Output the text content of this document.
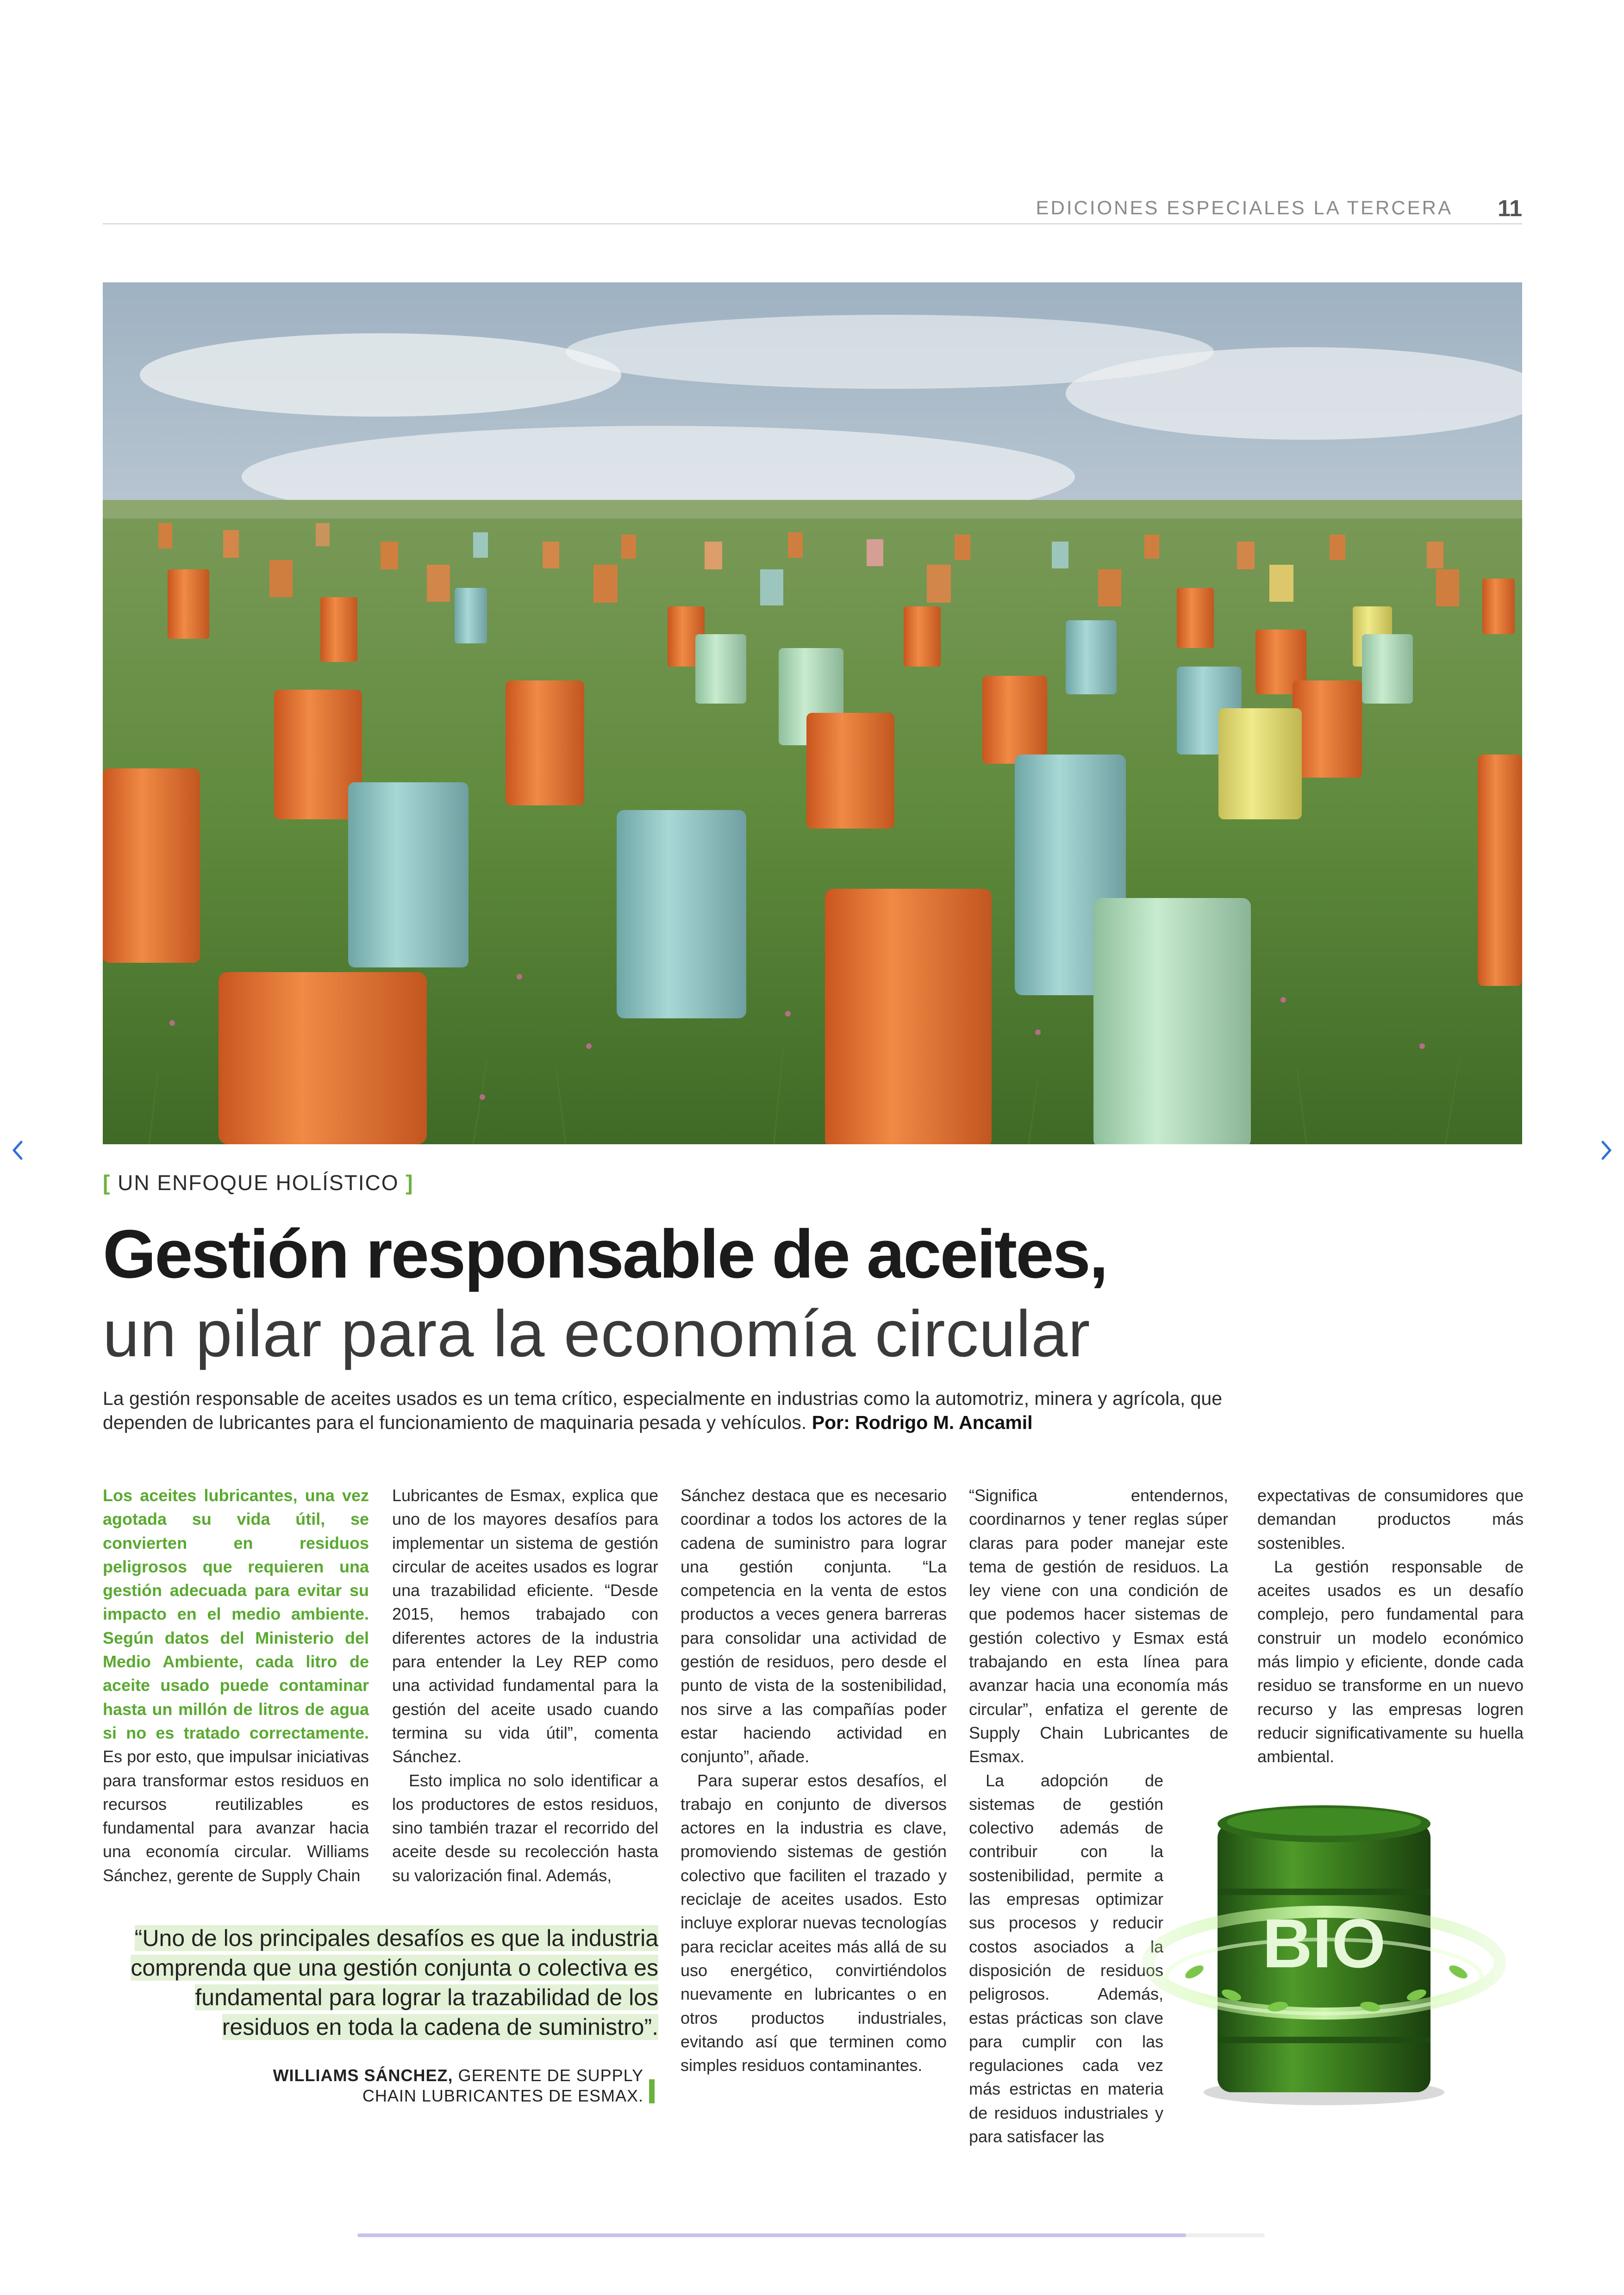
EDICIONES ESPECIALES LA TERCERA 11
[ UN ENFOQUE HOLÍSTICO ]
Gestión responsable de aceites,
un pilar para la economía circular

La gestión responsable de aceites usados es un tema crítico, especialmente en industrias como la automotriz, minera y agrícola, que dependen de lubricantes para el funcionamiento de maquinaria pesada y vehículos. Por: Rodrigo M. Ancamil

Los aceites lubricantes, una vez agotada su vida útil, se convierten en residuos peligrosos que requieren una gestión adecuada para evitar su impacto en el medio ambiente. Según datos del Ministerio del Medio Ambiente, cada litro de aceite usado puede contaminar hasta un millón de litros de agua si no es tratado correctamente. Es por esto, que impulsar iniciativas para transformar estos residuos en recursos reutilizables es fundamental para avanzar hacia una economía circular. Williams Sánchez, gerente de Supply Chain

Lubricantes de Esmax, explica que uno de los mayores desafíos para implementar un sistema de gestión circular de aceites usados es lograr una trazabilidad eficiente. “Desde 2015, hemos trabajado con diferentes actores de la industria para entender la Ley REP como una actividad fundamental para la gestión del aceite usado cuando termina su vida útil”, comenta Sánchez.

Esto implica no solo identificar a los productores de estos residuos, sino también trazar el recorrido del aceite desde su recolección hasta su valorización final. Además,

Sánchez destaca que es necesario coordinar a todos los actores de la cadena de suministro para lograr una gestión conjunta. “La competencia en la venta de estos productos a veces genera barreras para consolidar una actividad de gestión de residuos, pero desde el punto de vista de la sostenibilidad, nos sirve a las compañías poder estar haciendo actividad en conjunto”, añade.

Para superar estos desafíos, el trabajo en conjunto de diversos actores en la industria es clave, promoviendo sistemas de gestión colectivo que faciliten el trazado y reciclaje de aceites usados. Esto incluye explorar nuevas tecnologías para reciclar aceites más allá de su uso energético, convirtiéndolos nuevamente en lubricantes o en otros productos industriales, evitando así que terminen como simples residuos contaminantes.

“Significa entendernos, coordinarnos y tener reglas súper claras para poder manejar este tema de gestión de residuos. La ley viene con una condición de que podemos hacer sistemas de gestión colectivo y Esmax está trabajando en esta línea para avanzar hacia una economía más circular”, enfatiza el gerente de Supply Chain Lubricantes de Esmax.

La adopción de sistemas de gestión colectivo además de contribuir con la sostenibilidad, permite a las empresas optimizar sus procesos y reducir costos asociados a la disposición de residuos peligrosos. Además, estas prácticas son clave para cumplir con las regulaciones cada vez más estrictas en materia de residuos industriales y para satisfacer las

expectativas de consumidores que demandan productos más sostenibles.

La gestión responsable de aceites usados es un desafío complejo, pero fundamental para construir un modelo económico más limpio y eficiente, donde cada residuo se transforme en un nuevo recurso y las empresas logren reducir significativamente su huella ambiental.

“Uno de los principales desafíos es que la industria comprenda que una gestión conjunta o colectiva es fundamental para lograr la trazabilidad de los residuos en toda la cadena de suministro”.

WILLIAMS SÁNCHEZ, GERENTE DE SUPPLY CHAIN LUBRICANTES DE ESMAX.
BIO
